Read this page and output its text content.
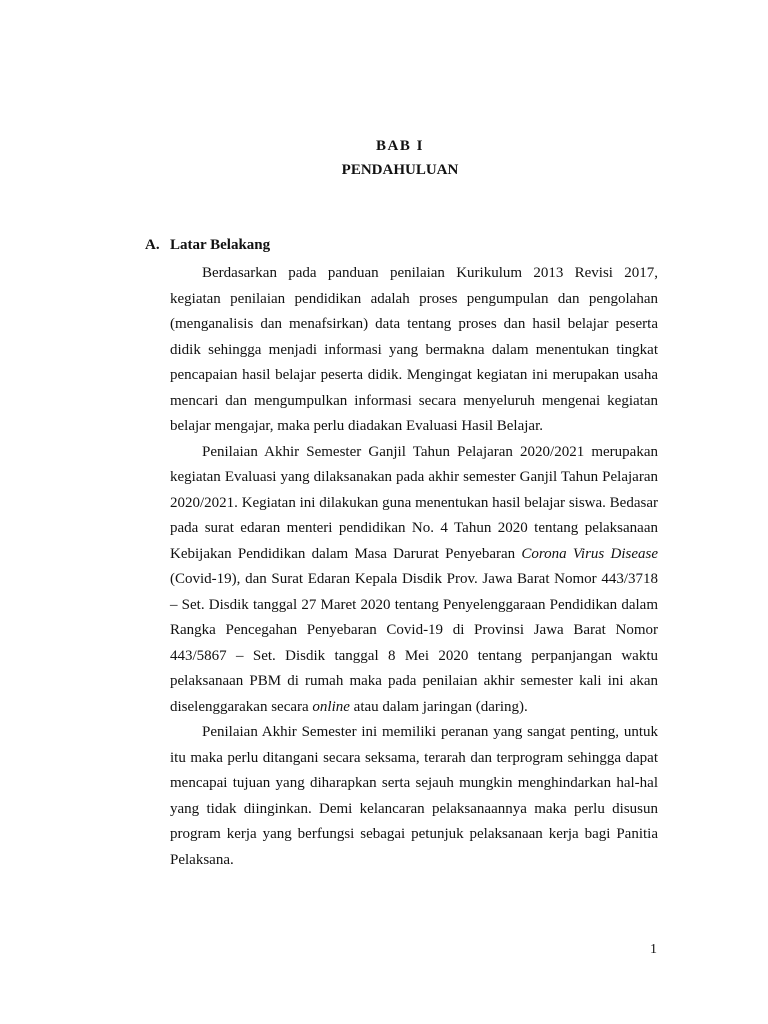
BAB I
PENDAHULUAN
A. Latar Belakang

Berdasarkan pada panduan penilaian Kurikulum 2013 Revisi 2017, kegiatan penilaian pendidikan adalah proses pengumpulan dan pengolahan (menganalisis dan menafsirkan) data tentang proses dan hasil belajar peserta didik sehingga menjadi informasi yang bermakna dalam menentukan tingkat pencapaian hasil belajar peserta didik. Mengingat kegiatan ini merupakan usaha mencari dan mengumpulkan informasi secara menyeluruh mengenai kegiatan belajar mengajar, maka perlu diadakan Evaluasi Hasil Belajar.

Penilaian Akhir Semester Ganjil Tahun Pelajaran 2020/2021 merupakan kegiatan Evaluasi yang dilaksanakan pada akhir semester Ganjil Tahun Pelajaran 2020/2021. Kegiatan ini dilakukan guna menentukan hasil belajar siswa. Bedasar pada surat edaran menteri pendidikan No. 4 Tahun 2020 tentang pelaksanaan Kebijakan Pendidikan dalam Masa Darurat Penyebaran Corona Virus Disease (Covid-19), dan Surat Edaran Kepala Disdik Prov. Jawa Barat Nomor 443/3718 – Set. Disdik tanggal 27 Maret 2020 tentang Penyelenggaraan Pendidikan dalam Rangka Pencegahan Penyebaran Covid-19 di Provinsi Jawa Barat Nomor 443/5867 – Set. Disdik tanggal 8 Mei 2020 tentang perpanjangan waktu pelaksanaan PBM di rumah maka pada penilaian akhir semester kali ini akan diselenggarakan secara online atau dalam jaringan (daring).

Penilaian Akhir Semester ini memiliki peranan yang sangat penting, untuk itu maka perlu ditangani secara seksama, terarah dan terprogram sehingga dapat mencapai tujuan yang diharapkan serta sejauh mungkin menghindarkan hal-hal yang tidak diinginkan. Demi kelancaran pelaksanaannya maka perlu disusun program kerja yang berfungsi sebagai petunjuk pelaksanaan kerja bagi Panitia Pelaksana.

1
